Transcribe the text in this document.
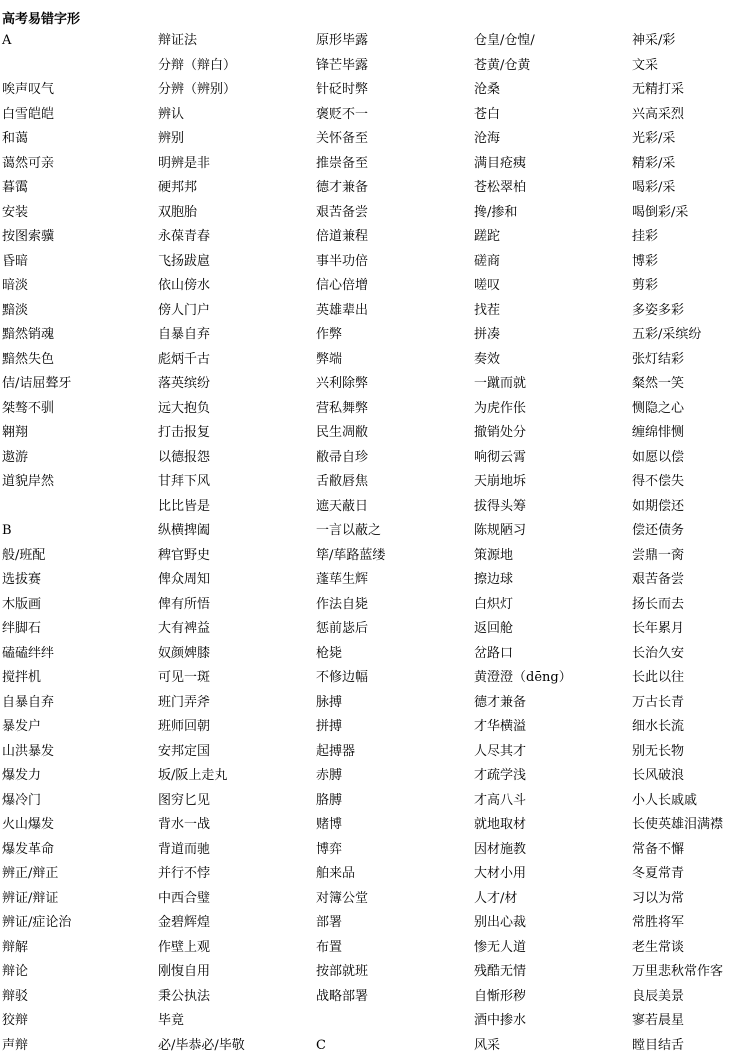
高考易错字形
A
唉声叹气
白雪皑皑
和蔼
蔼然可亲
暮霭
安装
按图索骥
昏暗
暗淡
黯淡
黯然销魂
黯然失色
佶/诘屈聱牙
桀骜不驯
翱翔
遨游
道貌岸然
B
般/班配
选拔赛
木版画
绊脚石
磕磕绊绊
搅拌机
自暴自弃
暴发户
山洪暴发
爆发力
爆冷门
火山爆发
爆发革命
辨正/辩正
辨证/辩证
辨证/症论治
辩解
辩论
辩驳
狡辩
声辩
辩证法
分辩（辩白）
分辨（辨别）
辨认
辨别
明辨是非
硬邦邦
双胞胎
永葆青春
飞扬跋扈
依山傍水
傍人门户
自暴自弃
彪炳千古
落英缤纷
远大抱负
打击报复
以德报怨
甘拜下风
比比皆是
纵横捭阖
稗官野史
俾众周知
俾有所悟
大有裨益
奴颜婢膝
可见一斑
班门弄斧
班师回朝
安邦定国
坂/阪上走丸
图穷匕见
背水一战
背道而驰
并行不悖
中西合璧
金碧辉煌
作壁上观
刚愎自用
秉公执法
毕竟
必/毕恭必/毕敬
原形毕露
锋芒毕露
针砭时弊
褒贬不一
关怀备至
推崇备至
德才兼备
艰苦备尝
倍道兼程
事半功倍
信心倍增
英雄辈出
作弊
弊端
兴利除弊
营私舞弊
民生凋敝
敝帚自珍
舌敝唇焦
遮天蔽日
一言以蔽之
筚/荜路蓝缕
蓬荜生辉
作法自毙
惩前毖后
枪毙
不修边幅
脉搏
拼搏
起搏器
赤膊
胳膊
赌博
博弈
舶来品
对簿公堂
部署
布置
按部就班
战略部署
C
仓皇/仓惶/
苍黄/仓黄
沧桑
苍白
沧海
满目疮痍
苍松翠柏
搀/掺和
蹉跎
磋商
嗟叹
找茬
拼凑
奏效
一蹴而就
为虎作伥
撤销处分
响彻云霄
天崩地坼
拔得头筹
陈规陋习
策源地
擦边球
白炽灯
返回舱
岔路口
黄澄澄（dēng）
德才兼备
才华横溢
人尽其才
才疏学浅
才高八斗
就地取材
因材施教
大材小用
人才/材
别出心裁
惨无人道
残酷无情
自惭形秽
酒中掺水
风采
神采/彩
文采
无精打采
兴高采烈
光彩/采
精彩/采
喝彩/采
喝倒彩/采
挂彩
博彩
剪彩
多姿多彩
五彩/采缤纷
张灯结彩
粲然一笑
恻隐之心
缠绵悱恻
如愿以偿
得不偿失
如期偿还
偿还债务
尝鼎一脔
艰苦备尝
扬长而去
长年累月
长治久安
长此以往
万古长青
细水长流
别无长物
长风破浪
小人长戚戚
长使英雄泪满襟
常备不懈
冬夏常青
习以为常
常胜将军
老生常谈
万里悲秋常作客
良辰美景
寥若晨星
瞠目结舌
